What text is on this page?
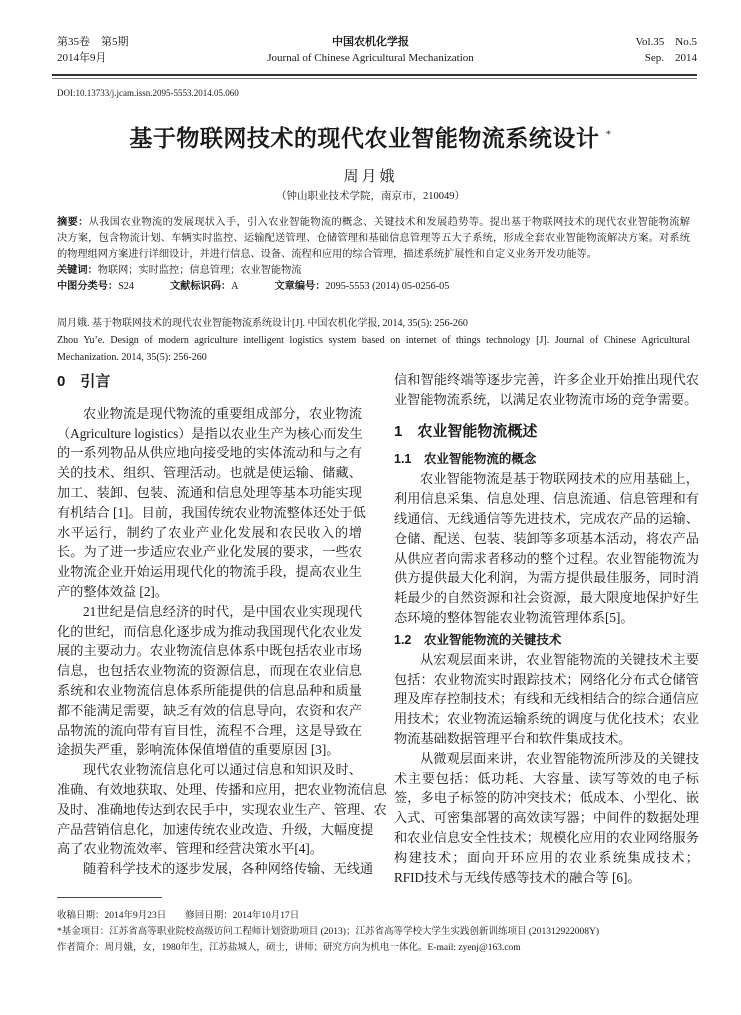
第35卷　第5期
2014年9月
中国农机化学报
Journal of Chinese Agricultural Mechanization
Vol.35　No.5
Sep.　2014
DOI:10.13733/j.jcam.issn.2095-5553.2014.05.060
基于物联网技术的现代农业智能物流系统设计 *
周月娥
（钟山职业技术学院，南京市，210049）
摘要：从我国农业物流的发展现状入手，引入农业智能物流的概念、关键技术和发展趋势等。提出基于物联网技术的现代农业智能物流解
决方案，包含物流计划、车辆实时监控、运输配送管理、仓储管理和基础信息管理等五大子系统，形成全套农业智能物流解决方案。对系统
的物理组网方案进行详细设计，并进行信息、设备、流程和应用的综合管理，描述系统扩展性和自定义业务开发功能等。
关键词：物联网；实时监控；信息管理；农业智能物流
中图分类号：S24	文献标识码：A	文章编号：2095-5553 (2014) 05-0256-05
周月娥. 基于物联网技术的现代农业智能物流系统设计[J]. 中国农机化学报, 2014, 35(5): 256-260
Zhou Yu’e. Design of modern agriculture intelligent logistics system based on internet of things technology [J]. Journal of Chinese Agricultural
Mechanization. 2014, 35(5): 256-260
0　引言
农业物流是现代物流的重要组成部分，农业物流
（Agriculture logistics）是指以农业生产为核心而发生
的一系列物品从供应地向接受地的实体流动和与之有
关的技术、组织、管理活动。也就是使运输、储藏、
加工、装卸、包装、流通和信息处理等基本功能实现
有机结合 [1]。目前，我国传统农业物流整体还处于低
水平运行，制约了农业产业化发展和农民收入的增
长。为了进一步适应农业产业化发展的要求，一些农
业物流企业开始运用现代化的物流手段，提高农业生
产的整体效益 [2]。
21世纪是信息经济的时代，是中国农业实现现代
化的世纪，而信息化逐步成为推动我国现代化农业发
展的主要动力。农业物流信息体系中既包括农业市场
信息，也包括农业物流的资源信息，而现在农业信息
系统和农业物流信息体系所能提供的信息品种和质量
都不能满足需要，缺乏有效的信息导向，农资和农产
品物流的流向带有盲目性，流程不合理，这是导致在
途损失严重，影响流体保值增值的重要原因 [3]。
现代农业物流信息化可以通过信息和知识及时、
准确、有效地获取、处理、传播和应用，把农业物流信息
及时、准确地传达到农民手中，实现农业生产、管理、农
产品营销信息化，加速传统农业改造、升级，大幅度提
高了农业物流效率、管理和经营决策水平[4]。
随着科学技术的逐步发展，各种网络传输、无线通
信和智能终端等逐步完善，许多企业开始推出现代农
业智能物流系统，以满足农业物流市场的竞争需要。
1　农业智能物流概述
1.1　农业智能物流的概念
农业智能物流是基于物联网技术的应用基础上，
利用信息采集、信息处理、信息流通、信息管理和有
线通信、无线通信等先进技术，完成农产品的运输、
仓储、配送、包装、装卸等多项基本活动，将农产品
从供应者向需求者移动的整个过程。农业智能物流为
供方提供最大化利润，为需方提供最佳服务，同时消
耗最少的自然资源和社会资源，最大限度地保护好生
态环境的整体智能农业物流管理体系[5]。
1.2　农业智能物流的关键技术
从宏观层面来讲，农业智能物流的关键技术主要
包括：农业物流实时跟踪技术；网络化分布式仓储管
理及库存控制技术；有线和无线相结合的综合通信应
用技术；农业物流运输系统的调度与优化技术；农业
物流基础数据管理平台和软件集成技术。
从微观层面来讲，农业智能物流所涉及的关键技
术主要包括：低功耗、大容量、读写等效的电子标
签，多电子标签的防冲突技术；低成本、小型化、嵌
入式、可密集部署的高效读写器；中间件的数据处理
和农业信息安全性技术；规模化应用的农业网络服务
构建技术；面向开环应用的农业系统集成技术；
RFID技术与无线传感等技术的融合等 [6]。
收稿日期：2014年9月23日　　修回日期：2014年10月17日
*基金项目：江苏省高等职业院校高级访问工程师计划资助项目 (2013)；江苏省高等学校大学生实践创新训练项目 (201312922008Y)
作者简介：周月娥，女，1980年生，江苏盐城人，硕士，讲师；研究方向为机电一体化。E-mail: zyenj@163.com
